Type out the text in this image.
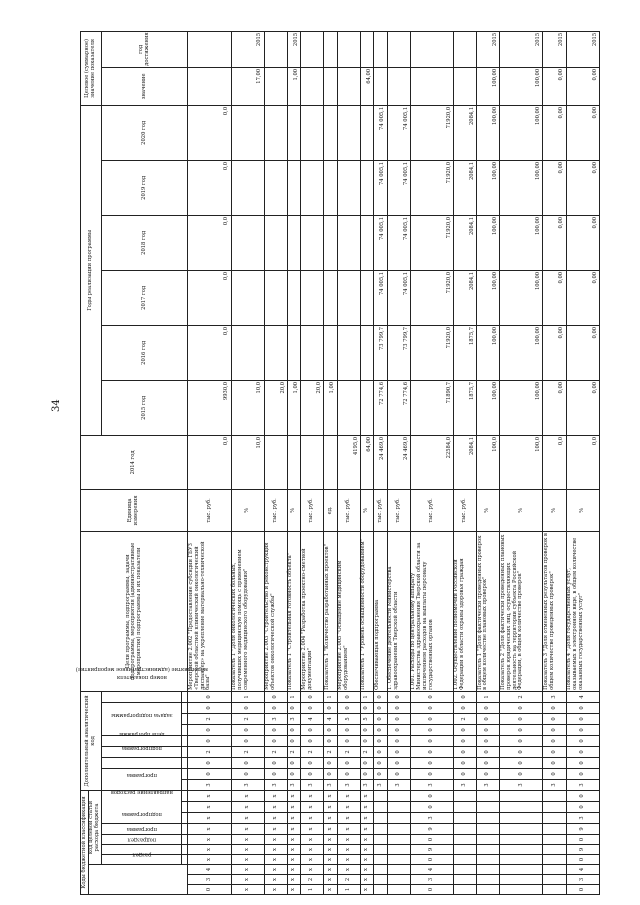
34
Коды бюджетной классификации										Дополнительный аналитический код									Цели программы, подпрограммы, задачи подпрограммы, мероприятия (административные мероприятия) подпрограммы и их показатели	Единица измерения	2014 год	Годы реализации программы						Целевое (суммарное) значение показателя	
			код целевой статьи расхода бюджета																										
			раздел	подраздел	программа	подпрограмма	направление расходов			программа		подпрограмма	цель программы	задача подпрограммы	мероприятие (административное мероприятие)			номер показателя				2015 год	2016 год	2017 год	2018 год	2019 год	2020 год	значение	год достижения

0	3	4	х	х	х	х	х	х	х	3	0	0	2	0	0	2	0	0	Мероприятие 2.002 "Предоставление субсидии ГБУЗ «Тверской областной клинический онкологический диспансер» на укрепление материально-технической базы"	тыс. руб.	0,0	9930,0	0,0	0,0	0,0	0,0	0,0		
х	х	х	х	х	х	х	х	х	х	3	0	0	2	0	0	2	0	1	Показатель 1 "Доля онкологических больных, получивших медицинскую помощь с применением современного медицинского оборудования"	%	10,0	10,0						17,00	2015
х	х	х	х	х	х	х	х	х	х	3	0	0	2	0	0	3	0	0	Мероприятие 2.003 "Строительство и реконструкция объектов онкологической службы"	тыс. руб.		20,0							
х	х	х	х	х	х	х	х	х	х	3	0	0	2	0	0	3	0	1	Показатель 1 "Строительная готовность объекта"	%		1,00						1,00	2015
1	2	х	х	х	х	х	х	х	х	3	0	0	2	0	0	4	0	0	Мероприятие 2.004 "Разработка проектно-сметной документации"	тыс. руб.		20,0							
х	х	х	х	х	х	х	х	х	х	3	0	0	2	0	0	4	0	1	Показатель 1 "Количество разработанных проектов"	ед.		1,00							
1	2	х	х	х	х	х	х	х	х	3	0	0	2	0	0	5	0	0	Мероприятие 2.005 "Оснащение медицинским оборудованием"	тыс. руб.	4195,0								
х	х	х	х	х	х	х	х	х	х	3	0	0	2	0	0	5	0	1	Показатель 1 "Уровень оснащенности оборудованием"	%	64,00							64,00	
										3	0	0	0	0	0	0	0	0	Обеспечивающая подпрограмма	тыс. руб.	24 469,0	72 774,6	73 799,7	74 005,1	74 005,1	74 005,1	74 005,1		
										3	0	0	0	0	0	0	0	0	1. Обеспечение деятельности Министерства здравоохранения Тверской области	тыс. руб.	24 469,0	72 774,6	73 799,7	74 005,1	74 005,1	74 005,1	74 005,1		
0	3	4	0	9	0	9	3	0	0	3	0	0	0	0	0	0	0	0	1.001. Расходы по центральному аппарату Министерства здравоохранения Тверской области за исключением расходов на выплаты персоналу государственных органов	тыс. руб.	22584,0	71890,7	71920,0	71920,0	71920,0	71920,0	71920,0		
										3	0	0	0	0	0	2	0	0	1.002. Осуществление полномочий Российской Федерации в области охраны здоровья граждан	тыс. руб.	2084,1	1875,7	1875,7	2084,1	2084,1	2084,1	2084,1		
										3	0	0	0	0	0	0	0	1	Показатель 1 "Доля фактически проведенных проверок в общем количестве плановых проверок"	%	100,0	100,00	100,00	100,00	100,00	100,00	100,00	100,00	2015
										3	0	0	0	0	0	0	0	2	Показатель 2 "Доля фактически проведенных плановых проверок юридических лиц, осуществляющих деятельность на территории субъекта Российской Федерации, в общем количестве проверок"	%	100,0	100,00	100,00	100,00	100,00	100,00	100,00	100,00	2015
										3	0	0	0	0	0	0	0	3	Показатель 3 "Доля отмененных результатов проверок в общем количестве проведенных проверок"	%	0,0	0,00	0,00	0,00	0,00	0,00	0,00	0,00	2015
0	3	4	0	9	0	9	3	0	0	3	0	0	0	0	0	0	0	4	Показатель 4 "Доля государственных услуг, оказываемых в электронном виде, в общем количестве оказанных государственных услуг"	%	0,0	0,00	0,00	0,00	0,00	0,00	0,00	0,00	2015
